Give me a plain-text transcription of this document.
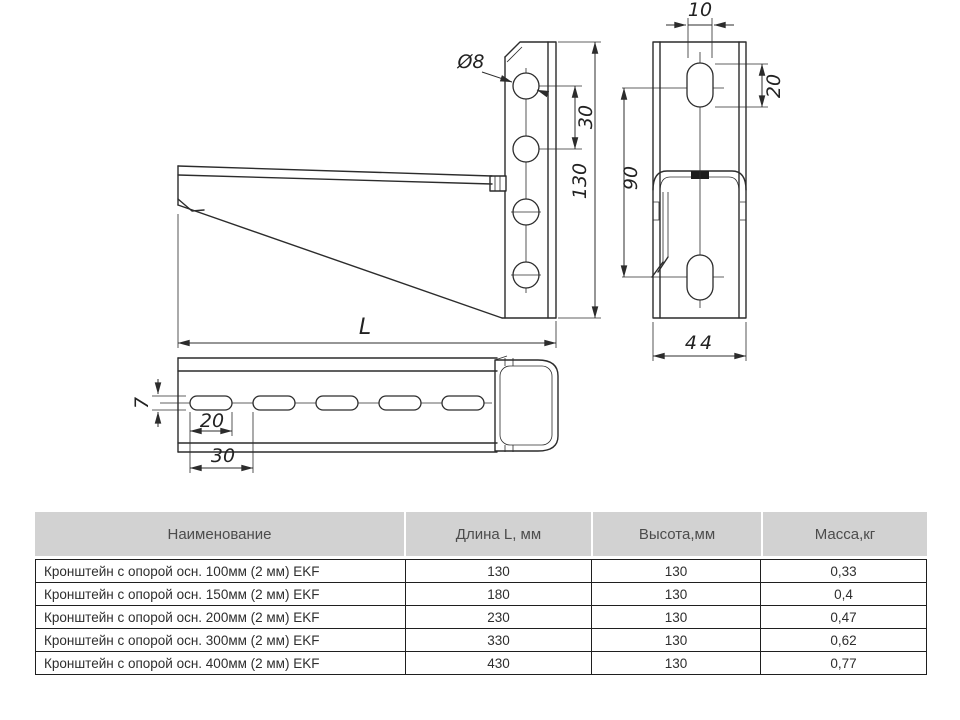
Ø8
30
130
L
10
20
90
44
7
20
30
Наименование	Длина L, мм	Высота,мм	Масса,кг
Кронштейн с опорой осн. 100мм (2 мм) EKF	130	130	0,33
Кронштейн с опорой осн. 150мм (2 мм) EKF	180	130	0,4
Кронштейн с опорой осн. 200мм (2 мм) EKF	230	130	0,47
Кронштейн с опорой осн. 300мм (2 мм) EKF	330	130	0,62
Кронштейн с опорой осн. 400мм (2 мм) EKF	430	130	0,77
